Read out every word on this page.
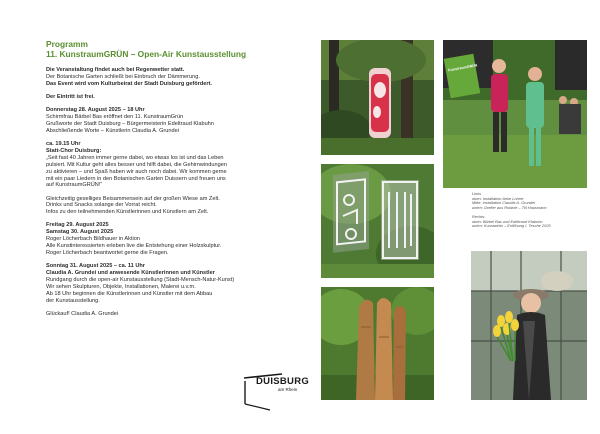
Programm
11. KunstraumGRÜN – Open-Air Kunstausstellung
Die Veranstaltung findet auch bei Regenwetter statt.
Der Botanische Garten schließt bei Einbruch der Dämmerung.
Das Event wird vom Kulturbeirat der Stadt Duisburg gefördert.
Der Eintritt ist frei.
Donnerstag 28. August 2025 – 18 Uhr
Schirmfrau Bärbel Bas eröffnet den 11. KunstraumGrün
Grußworte der Stadt Duisburg – Bürgermeisterin Edeltraud Klabuhn
Abschließende Worte – Künstlerin Claudia A. Grundei
ca. 19.15 Uhr
Statt-Chor Duisburg:
„Seit fast 40 Jahren immer gerne dabei, wo etwas los ist und das Leben
pulsiert. Mit Kultur geht alles besser und hilft dabei, die Gehirnwindungen
zu aktivieren – und Spaß haben wir auch noch dabei. Wir kommen gerne
mit ein paar Liedern in den Botanischen Garten Duissern und freuen uns
auf KunstraumGRÜN!“
Gleichzeitig geselliges Beisammensein auf der großen Wiese am Zelt.
Drinks und Snacks solange der Vorrat reicht.
Infos zu den teilnehmenden Künstlerinnen und Künstlern am Zelt.
Freitag 29. August 2025
Samstag 30. August 2025
Roger Löcherbach Bildhauer in Aktion
Alle Kunstinteressierten erleben live die Entstehung einer Holzskulptur.
Roger Löcherbach beantwortet gerne die Fragen.
Sonntag 31. August 2025 – ca. 11 Uhr
Claudia A. Grundei und anwesende Künstlerinnen und Künstler
Rundgang durch die open-air Kunstausstellung (Stadt-Mensch-Natur-Kunst)
Wir sehen Skulpturen, Objekte, Installationen, Malerei u.v.m.
Ab 18 Uhr beginnen die Künstlerinnen und Künstler mit dem Abbau
der Kunstausstellung.
Glückauf! Claudia A. Grundei
DUISBURG
am Rhein
KunstraumGRÜN
Links
oben: Installation Anke Lohrer
Mitte: Installation Claudia A. Grundei
unten: Greifer aus Robinie – Till Hausmann
Rechts:
oben: Bärbel Bas und Edeltraud Klabuhn
unten: Kunstwirtin – Eröffnung I. Tesche 2025
